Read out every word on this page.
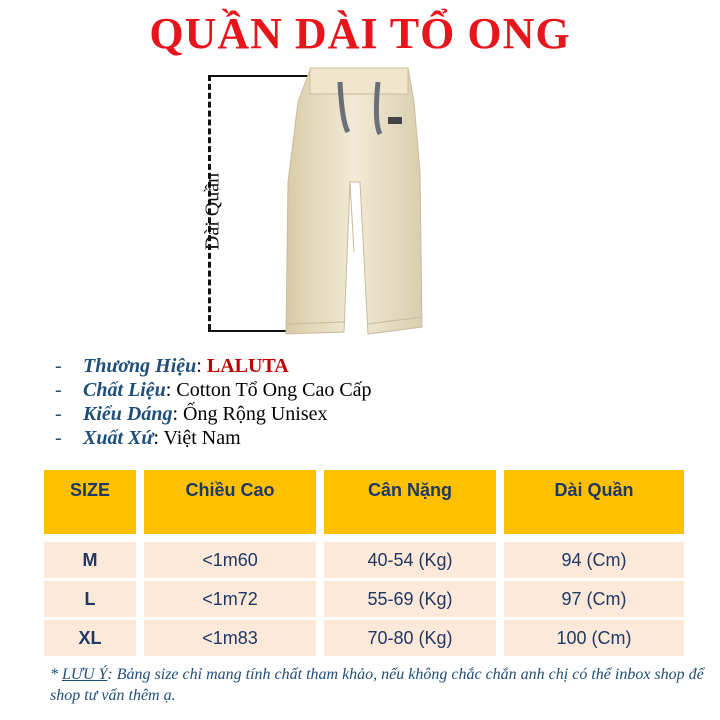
QUẦN DÀI TỔ ONG
Dài Quần
- Thương Hiệu: LALUTA
- Chất Liệu: Cotton Tổ Ong Cao Cấp
- Kiểu Dáng: Ống Rộng Unisex
- Xuất Xứ: Việt Nam
SIZE	Chiều Cao	Cân Nặng	Dài Quần
M	<1m60	40-54 (Kg)	94 (Cm)
L	<1m72	55-69 (Kg)	97 (Cm)
XL	<1m83	70-80 (Kg)	100 (Cm)
* LƯU Ý: Bảng size chỉ mang tính chất tham khảo, nếu không chắc chắn anh chị có thể inbox shop để shop tư vấn thêm ạ.
